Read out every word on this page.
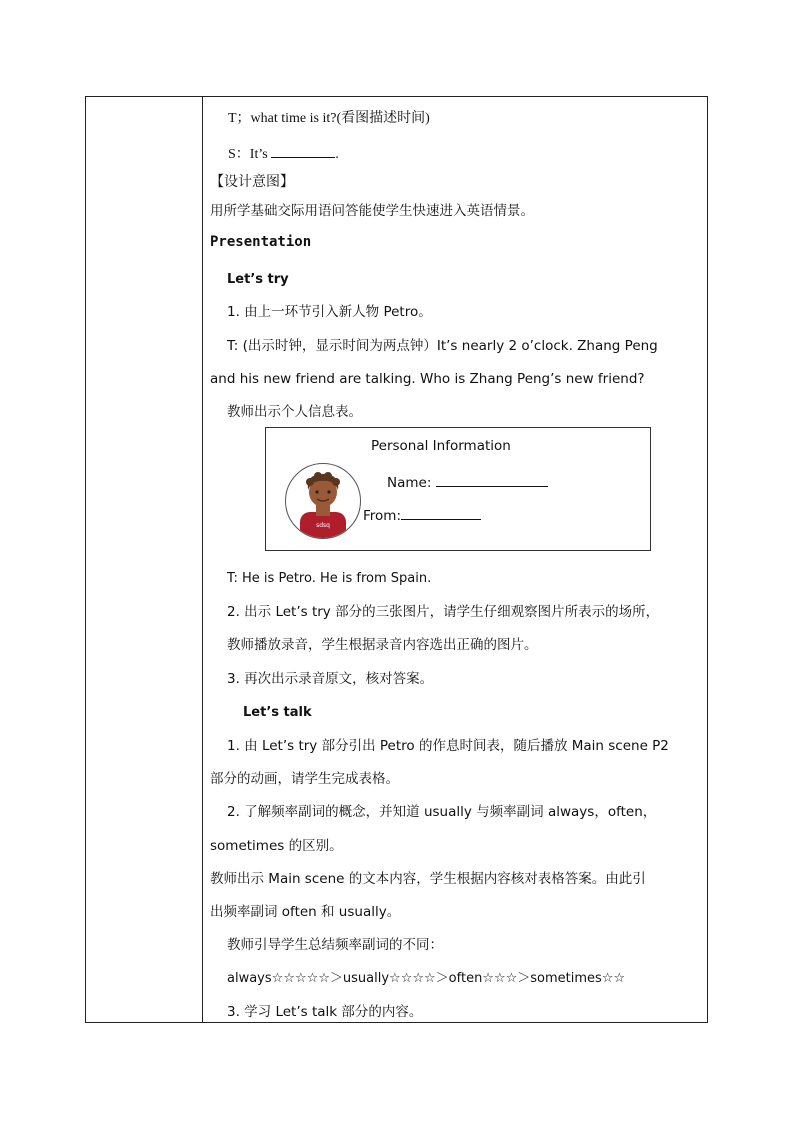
T；what time is it?(看图描述时间)
S：It’s	.
【设计意图】
用所学基础交际用语问答能使学生快速进入英语情景。
Presentation
Let’s try
1. 由上一环节引入新人物 Petro。
T: (出示时钟，显示时间为两点钟）It’s nearly 2 o’clock. Zhang Peng
and his new friend are talking. Who is Zhang Peng’s new friend?
教师出示个人信息表。
Personal Information
sdsq
Name:
From:
T: He is Petro. He is from Spain.
2. 出示 Let’s try 部分的三张图片，请学生仔细观察图片所表示的场所，
教师播放录音，学生根据录音内容选出正确的图片。
3. 再次出示录音原文，核对答案。
Let’s talk
1. 由 Let’s try 部分引出 Petro 的作息时间表，随后播放 Main scene P2
部分的动画，请学生完成表格。
2. 了解频率副词的概念，并知道 usually 与频率副词 always，often，
sometimes 的区别。
教师出示 Main scene 的文本内容，学生根据内容核对表格答案。由此引
出频率副词 often 和 usually。
教师引导学生总结频率副词的不同：
always☆☆☆☆☆＞usually☆☆☆☆＞often☆☆☆＞sometimes☆☆
3. 学习 Let’s talk 部分的内容。
